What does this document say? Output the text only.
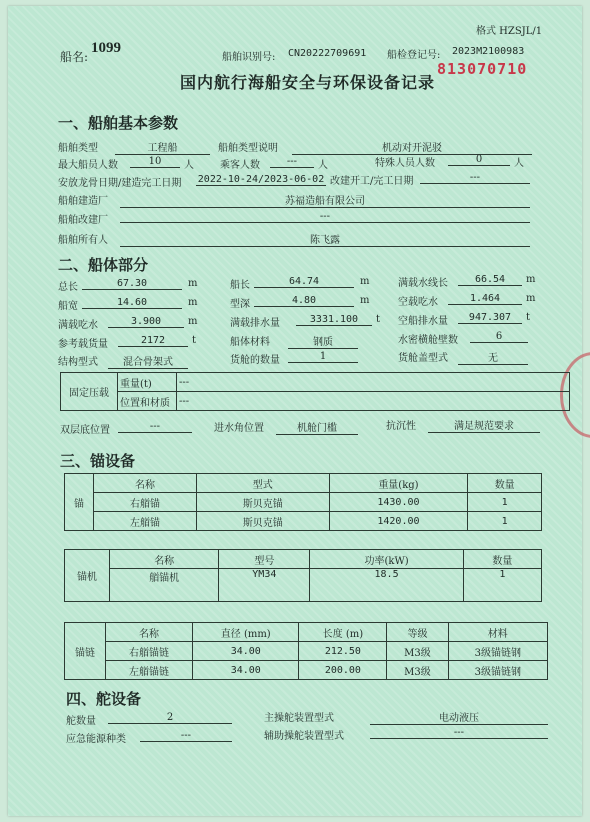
格式 HZSJL/1
船名:
1099
船舶识别号: CN20222709691 船检登记号: 2023M2100983
813070710
国内航行海船安全与环保设备记录
一、船舶基本参数
船舶类型	工程船	船舶类型说明	机动对开泥驳
最大船员人数	10	人	乘客人数	---	人	特殊人员人数	0	人
安放龙骨日期/建造完工日期 2022-10-24/2023-06-02 改建开工/完工日期	---
船舶建造厂	苏福造船有限公司
船舶改建厂	---
船舶所有人	陈飞露
二、船体部分
总长	67.30	m	船长	64.74	m	满载水线长	66.54	m
船宽	14.60	m	型深	4.80	m	空载吃水	1.464	m
满载吃水	3.900	m	满载排水量	3331.100	t 空船排水量	947.307	t
参考载货量	2172	t	船体材料	钢质	水密横舱壁数	6
结构型式	混合骨架式	货舱的数量	1	货舱盖型式	无
固定压载	重量(t)	---
	位置和材质	---
双层底位置	---	进水角位置	机舱门槛	抗沉性	满足规范要求
三、锚设备
锚	名称	型式	重量(kg)	数量
	右艏锚	斯贝克锚	1430.00	1
	左艏锚	斯贝克锚	1420.00	1
锚机	名称	型号	功率(kW)	数量
	艏锚机	YM34	18.5	1
锚链	名称	直径 (mm)	长度 (m)	等级	材料
	右艏锚链	34.00	212.50	M3级	3级锚链钢
	左艏锚链	34.00	200.00	M3级	3级锚链钢
四、舵设备
舵数量	2	主操舵装置型式	电动液压
应急能源种类	---	辅助操舵装置型式	---
